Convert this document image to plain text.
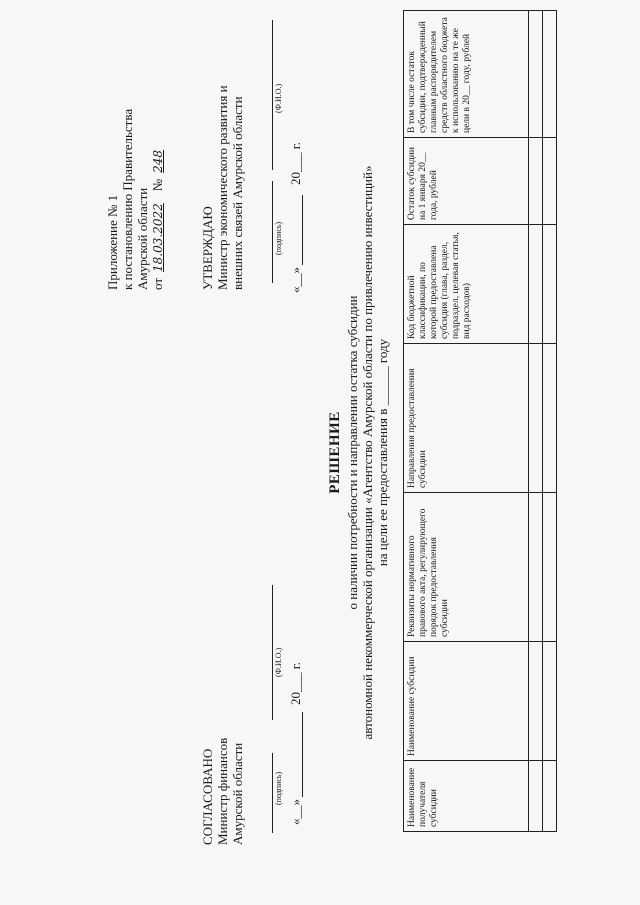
Приложение № 1 к постановлению Правительства Амурской области от
18.03.2022
№
248
УТВЕРЖДАЮ Министр экономического развития и внешних связей Амурской области	(подпись)
(Ф.И.О.)
«__»
20___ г.
СОГЛАСОВАНО Министр финансов Амурской области	(подпись)
(Ф.И.О.)
«__»
20___ г.
РЕШЕНИЕ о наличии потребности и направлении остатка субсидии автономной некоммерческой организации «Агентство Амурской области по привлечению инвестиций» на цели ее предоставления в ______ году
Наименование получателя субсидии	Наименование субсидии	Реквизиты нормативного правового акта, регулирующего порядок предоставления субсидии	Направления предоставления субсидии	Код бюджетной классификации, по которой предоставлена субсидия (глава, раздел, подраздел, целевая статья, вид расходов)	Остаток субсидии на 1 января 20__ года, рублей	В том числе остаток субсидии, подтвержденный главным распорядителем средств областного бюджета к использованию на те же цели в 20__ году, рублей
